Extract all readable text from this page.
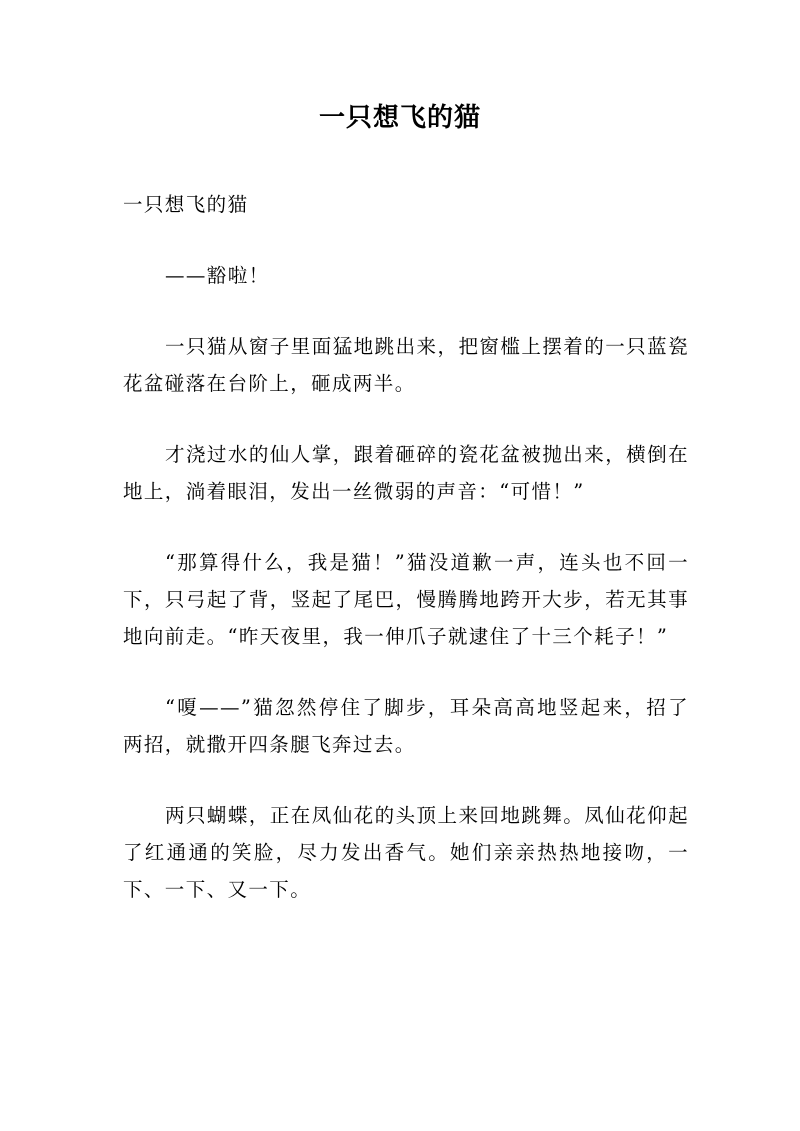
一只想飞的猫

一只想飞的猫

——豁啦！

一只猫从窗子里面猛地跳出来，把窗槛上摆着的一只蓝瓷花盆碰落在台阶上，砸成两半。

才浇过水的仙人掌，跟着砸碎的瓷花盆被抛出来，横倒在地上，淌着眼泪，发出一丝微弱的声音：“可惜！”

“那算得什么，我是猫！”猫没道歉一声，连头也不回一下，只弓起了背，竖起了尾巴，慢腾腾地跨开大步，若无其事地向前走。“昨天夜里，我一伸爪子就逮住了十三个耗子！”

“嗄——”猫忽然停住了脚步，耳朵高高地竖起来，招了两招，就撒开四条腿飞奔过去。

两只蝴蝶，正在凤仙花的头顶上来回地跳舞。凤仙花仰起了红通通的笑脸，尽力发出香气。她们亲亲热热地接吻，一下、一下、又一下。
